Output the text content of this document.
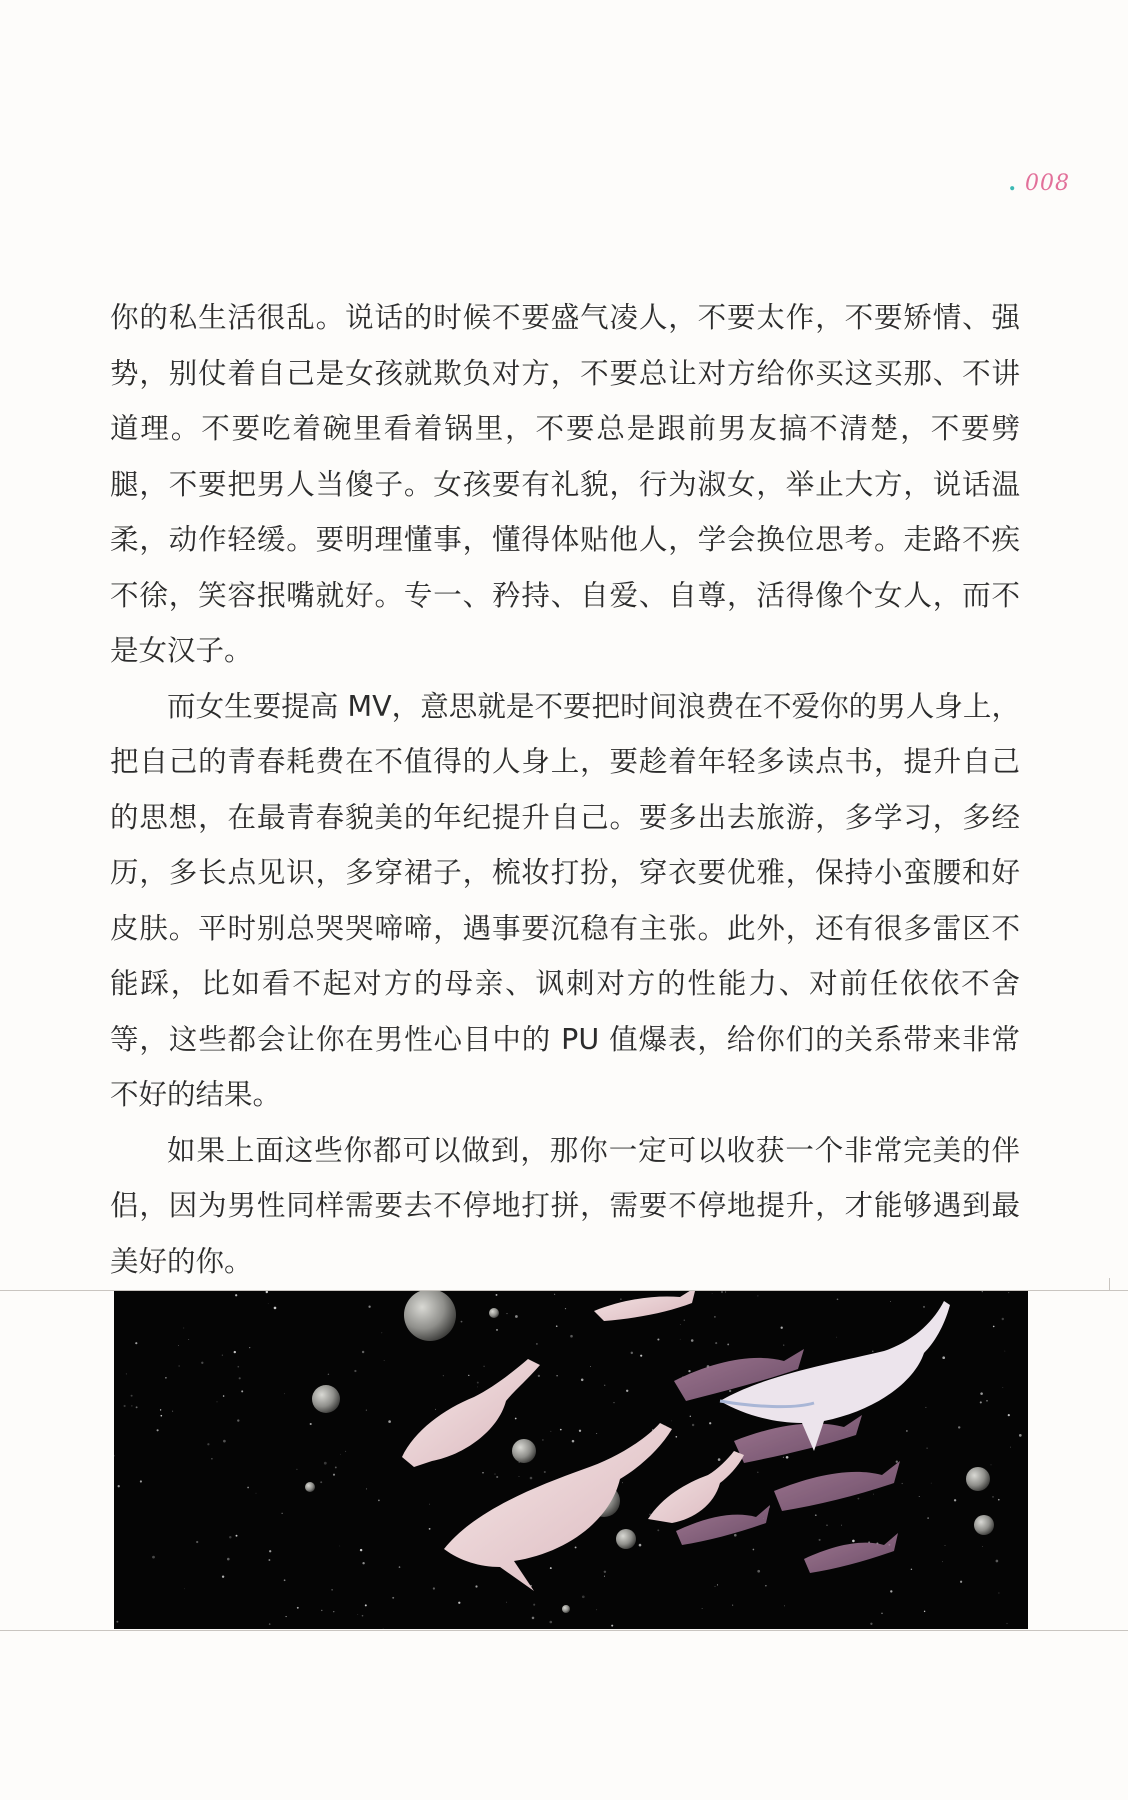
. 008

你的私生活很乱。说话的时候不要盛气凌人，不要太作，不要矫情、强势，别仗着自己是女孩就欺负对方，不要总让对方给你买这买那、不讲道理。不要吃着碗里看着锅里，不要总是跟前男友搞不清楚，不要劈腿，不要把男人当傻子。女孩要有礼貌，行为淑女，举止大方，说话温柔，动作轻缓。要明理懂事，懂得体贴他人，学会换位思考。走路不疾不徐，笑容抿嘴就好。专一、矜持、自爱、自尊，活得像个女人，而不是女汉子。

而女生要提高 MV，意思就是不要把时间浪费在不爱你的男人身上，把自己的青春耗费在不值得的人身上，要趁着年轻多读点书，提升自己的思想，在最青春貌美的年纪提升自己。要多出去旅游，多学习，多经历，多长点见识，多穿裙子，梳妆打扮，穿衣要优雅，保持小蛮腰和好皮肤。平时别总哭哭啼啼，遇事要沉稳有主张。此外，还有很多雷区不能踩，比如看不起对方的母亲、讽刺对方的性能力、对前任依依不舍等，这些都会让你在男性心目中的 PU 值爆表，给你们的关系带来非常不好的结果。

如果上面这些你都可以做到，那你一定可以收获一个非常完美的伴侣，因为男性同样需要去不停地打拼，需要不停地提升，才能够遇到最美好的你。
